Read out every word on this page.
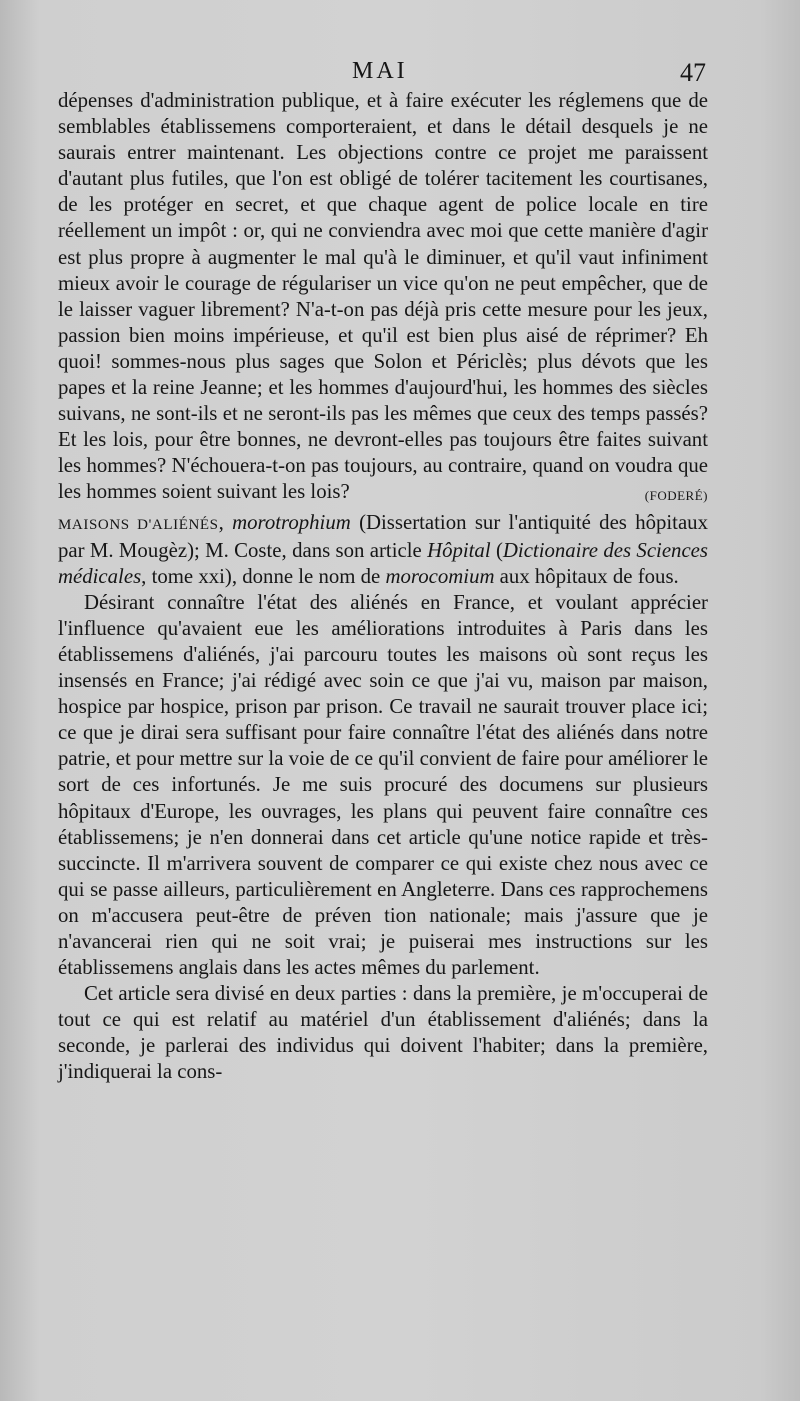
MAI	47

dépenses d'administration publique, et à faire exécuter les réglemens que de semblables établissemens comporteraient, et dans le détail desquels je ne saurais entrer maintenant. Les objections contre ce projet me paraissent d'autant plus futiles, que l'on est obligé de tolérer tacitement les courtisanes, de les protéger en secret, et que chaque agent de police locale en tire réellement un impôt : or, qui ne conviendra avec moi que cette manière d'agir est plus propre à augmenter le mal qu'à le diminuer, et qu'il vaut infiniment mieux avoir le courage de régulariser un vice qu'on ne peut empêcher, que de le laisser vaguer librement? N'a-t-on pas déjà pris cette mesure pour les jeux, passion bien moins impérieuse, et qu'il est bien plus aisé de réprimer? Eh quoi! sommes-nous plus sages que Solon et Périclès; plus dévots que les papes et la reine Jeanne; et les hommes d'aujourd'hui, les hommes des siècles suivans, ne sont-ils et ne seront-ils pas les mêmes que ceux des temps passés? Et les lois, pour être bonnes, ne devront-elles pas toujours être faites suivant les hommes? N'échouera-t-on pas toujours, au contraire, quand on voudra que les hommes soient suivant les lois?	(FODERÉ)

MAISONS D'ALIÉNÉS, morotrophium (Dissertation sur l'antiquité des hôpitaux par M. Mougèz); M. Coste, dans son article Hôpital (Dictionaire des Sciences médicales, tome xxi), donne le nom de morocomium aux hôpitaux de fous.

Désirant connaître l'état des aliénés en France, et voulant apprécier l'influence qu'avaient eue les améliorations introduites à Paris dans les établissemens d'aliénés, j'ai parcouru toutes les maisons où sont reçus les insensés en France; j'ai rédigé avec soin ce que j'ai vu, maison par maison, hospice par hospice, prison par prison. Ce travail ne saurait trouver place ici; ce que je dirai sera suffisant pour faire connaître l'état des aliénés dans notre patrie, et pour mettre sur la voie de ce qu'il convient de faire pour améliorer le sort de ces infortunés. Je me suis procuré des documens sur plusieurs hôpitaux d'Europe, les ouvrages, les plans qui peuvent faire connaître ces établissemens; je n'en donnerai dans cet article qu'une notice rapide et très-succincte. Il m'arrivera souvent de comparer ce qui existe chez nous avec ce qui se passe ailleurs, particulièrement en Angleterre. Dans ces rapprochemens on m'accusera peut-être de préven tion nationale; mais j'assure que je n'avancerai rien qui ne soit vrai; je puiserai mes instructions sur les établissemens anglais dans les actes mêmes du parlement.

Cet article sera divisé en deux parties : dans la première, je m'occuperai de tout ce qui est relatif au matériel d'un établissement d'aliénés; dans la seconde, je parlerai des individus qui doivent l'habiter; dans la première, j'indiquerai la cons-
